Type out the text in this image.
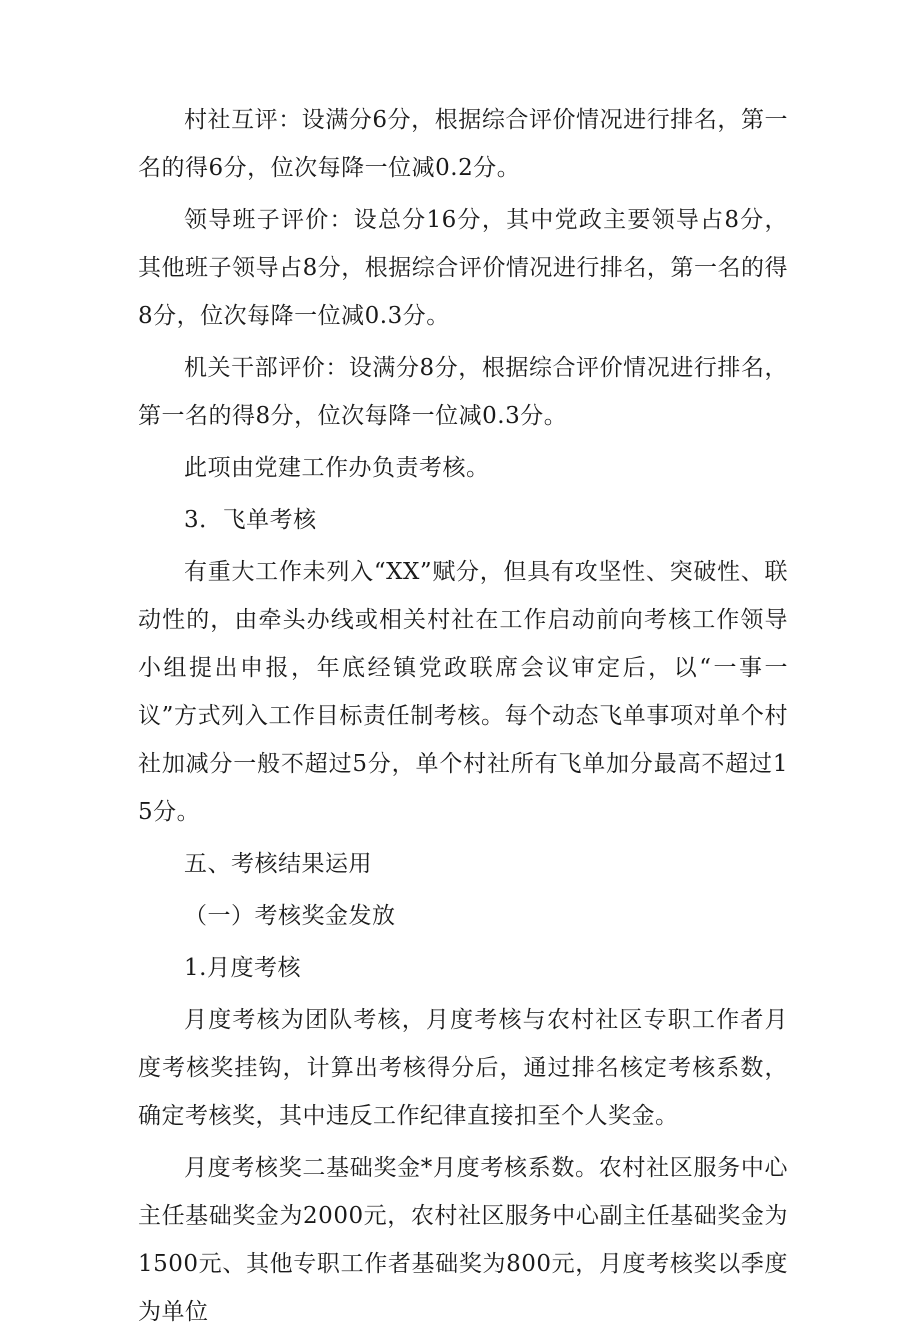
村社互评：设满分6分，根据综合评价情况进行排名，第一名的得6分，位次每降一位减0.2分。

领导班子评价：设总分16分，其中党政主要领导占8分，其他班子领导占8分，根据综合评价情况进行排名，第一名的得8分，位次每降一位减0.3分。

机关干部评价：设满分8分，根据综合评价情况进行排名，第一名的得8分，位次每降一位减0.3分。

此项由党建工作办负责考核。

3．飞单考核

有重大工作未列入“XX”赋分，但具有攻坚性、突破性、联动性的，由牵头办线或相关村社在工作启动前向考核工作领导小组提出申报，年底经镇党政联席会议审定后，以“一事一议”方式列入工作目标责任制考核。每个动态飞单事项对单个村社加减分一般不超过5分，单个村社所有飞单加分最高不超过15分。

五、考核结果运用

（一）考核奖金发放

1.月度考核

月度考核为团队考核，月度考核与农村社区专职工作者月度考核奖挂钩，计算出考核得分后，通过排名核定考核系数，确定考核奖，其中违反工作纪律直接扣至个人奖金。

月度考核奖二基础奖金*月度考核系数。农村社区服务中心主任基础奖金为2000元，农村社区服务中心副主任基础奖金为1500元、其他专职工作者基础奖为800元，月度考核奖以季度为单位
